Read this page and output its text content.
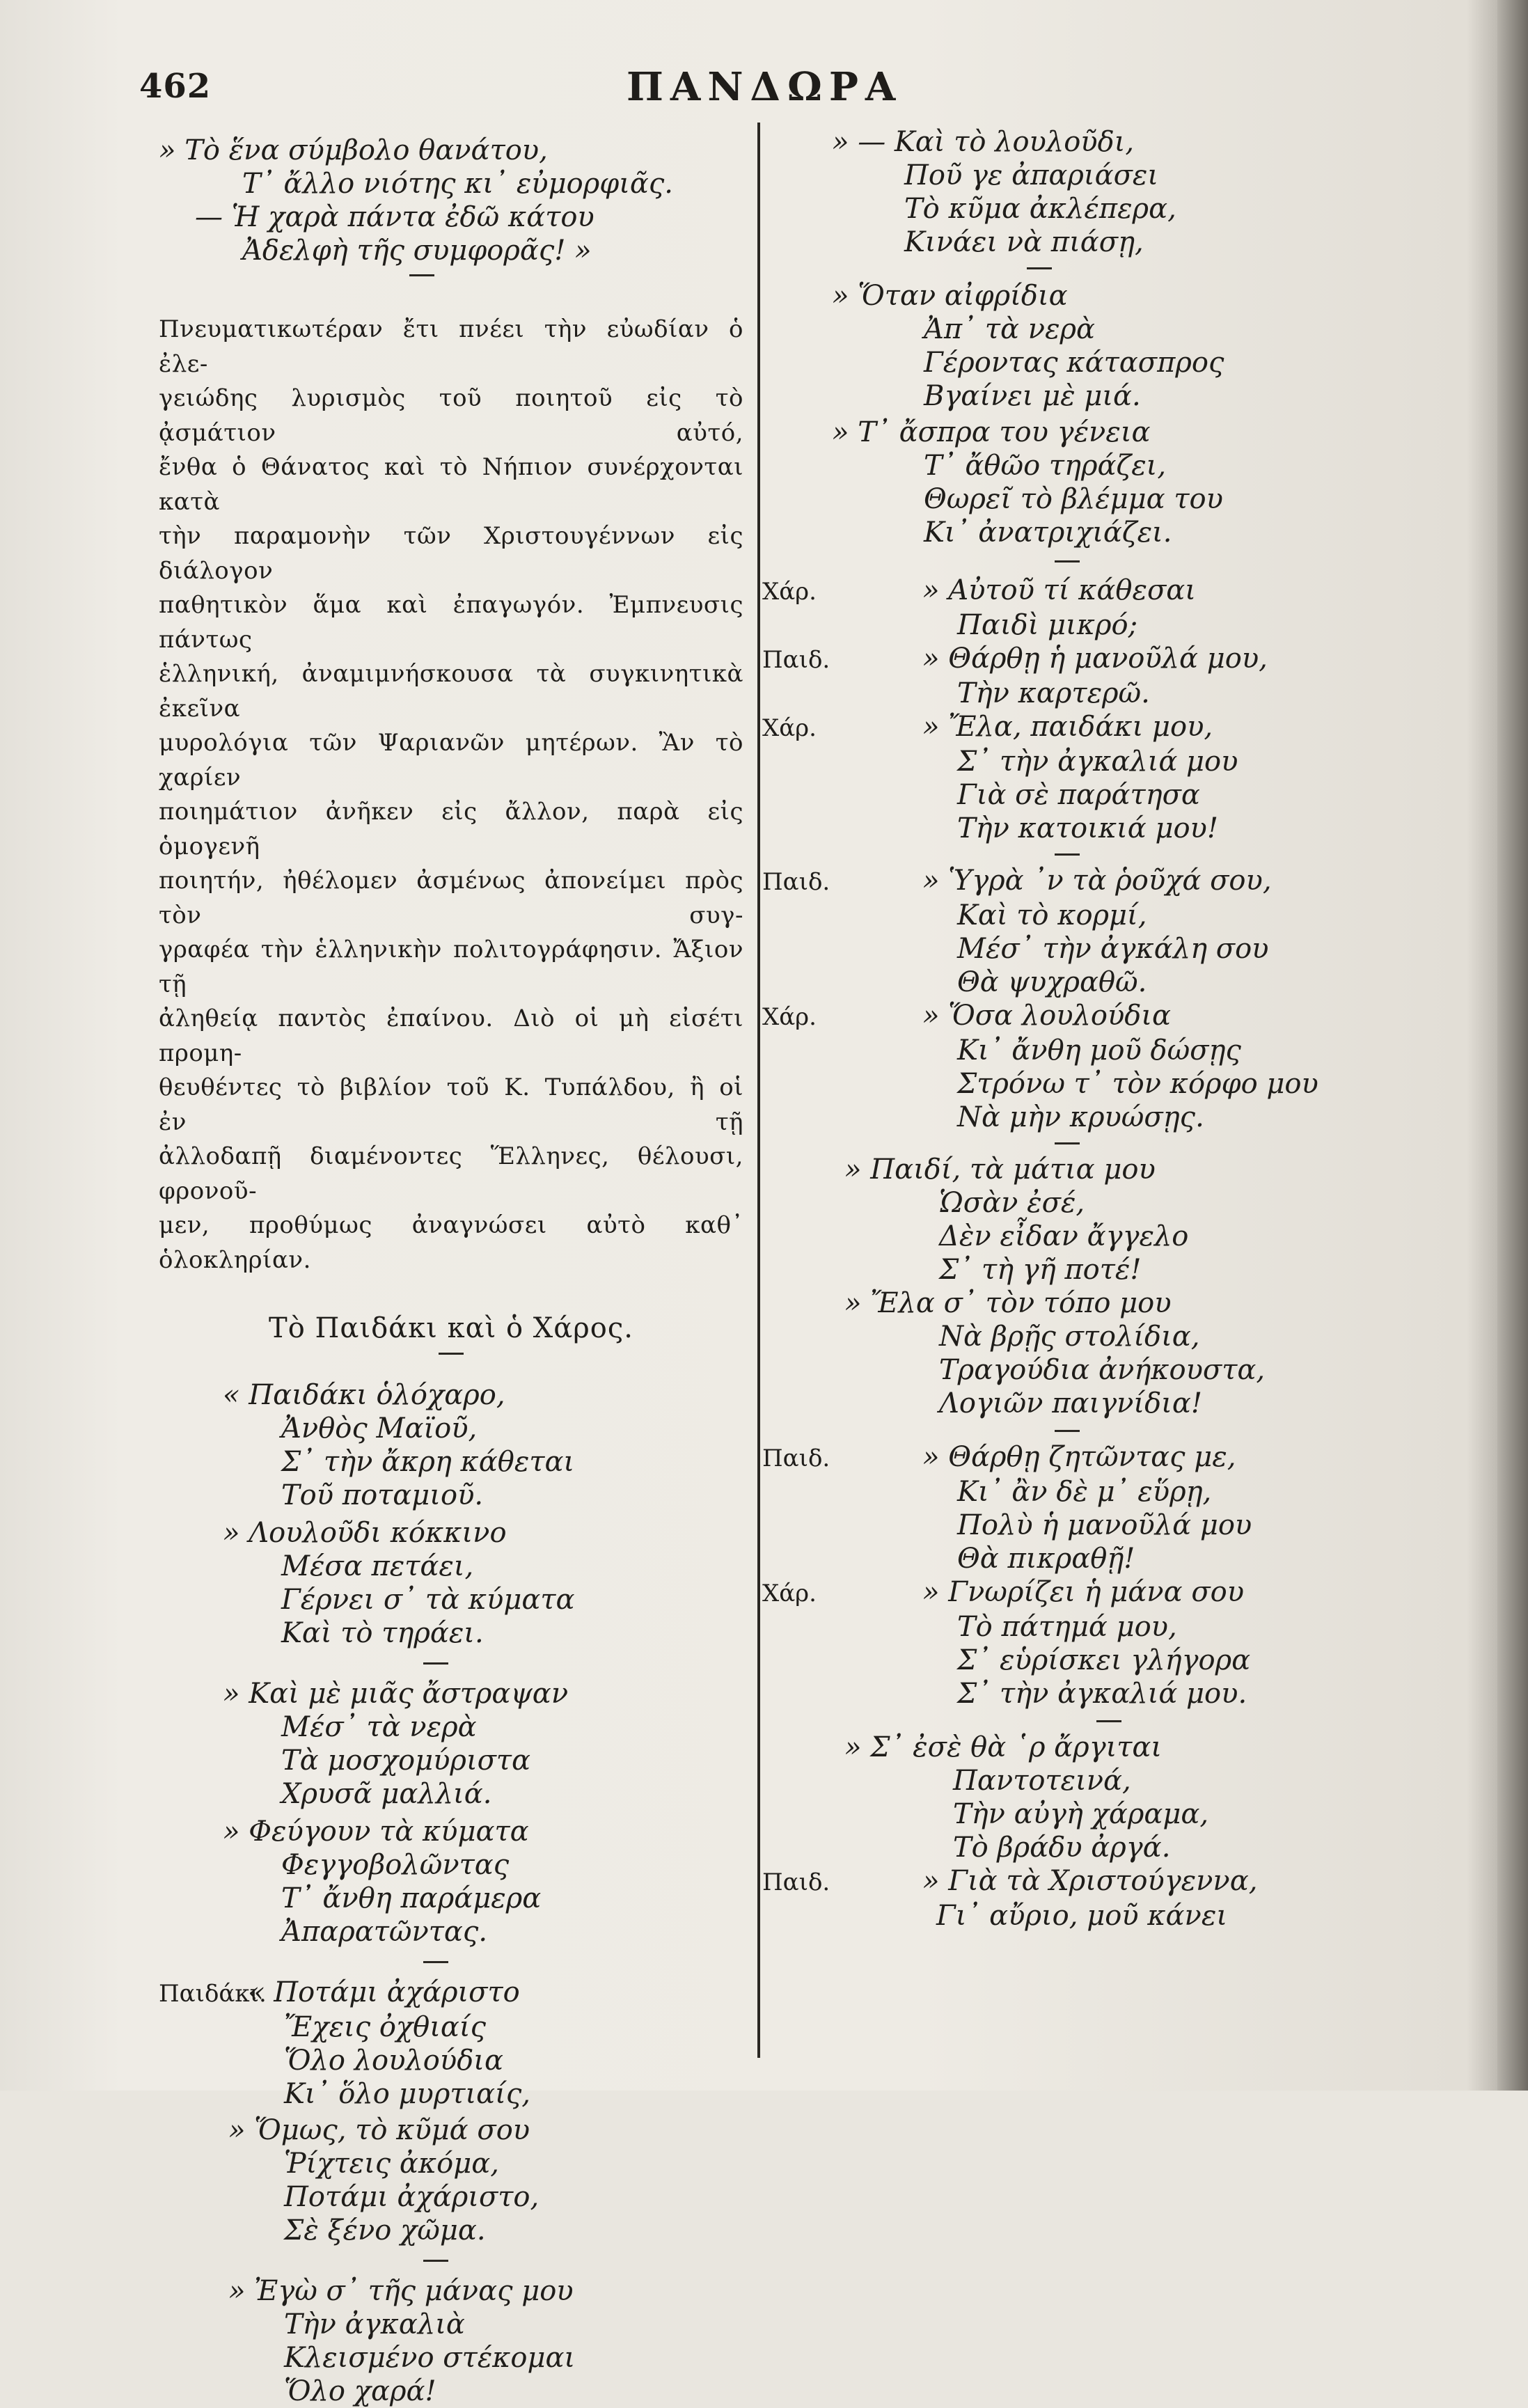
462	ΠΑΝΔΩΡΑ
» Τὸ ἕνα σύμβολο θανάτου,
Τ᾿ ἄλλο νιότης κι᾿ εὐμορφιᾶς.
— Ἡ χαρὰ πάντα ἐδῶ κάτου
Ἀδελφὴ τῆς συμφορᾶς! »
Πνευματικωτέραν ἔτι πνέει τὴν εὐωδίαν ὁ ἐλε-
γειώδης λυρισμὸς τοῦ ποιητοῦ εἰς τὸ ᾀσμάτιον αὐτό,
ἔνθα ὁ Θάνατος καὶ τὸ Νήπιον συνέρχονται κατὰ
τὴν παραμονὴν τῶν Χριστουγέννων εἰς διάλογον
παθητικὸν ἅμα καὶ ἐπαγωγόν. Ἐμπνευσις πάντως
ἑλληνική, ἀναμιμνήσκουσα τὰ συγκινητικὰ ἐκεῖνα
μυρολόγια τῶν Ψαριανῶν μητέρων. Ἂν τὸ χαρίεν
ποιημάτιον ἀνῆκεν εἰς ἄλλον, παρὰ εἰς ὁμογενῆ
ποιητήν, ἠθέλομεν ἀσμένως ἀπονείμει πρὸς τὸν συγ-
γραφέα τὴν ἑλληνικὴν πολιτογράφησιν. Ἄξιον τῇ
ἀληθείᾳ παντὸς ἐπαίνου. Διὸ οἱ μὴ εἰσέτι προμη-
θευθέντες τὸ βιβλίον τοῦ Κ. Τυπάλδου, ἢ οἱ ἐν τῇ
ἀλλοδαπῇ διαμένοντες Ἕλληνες, θέλουσι, φρονοῦ-
μεν, προθύμως ἀναγνώσει αὐτὸ καθ᾿ ὁλοκληρίαν.
Τὸ Παιδάκι καὶ ὁ Χάρος.
« Παιδάκι ὁλόχαρο,
Ἀνθὸς Μαϊοῦ,
Σ᾿ τὴν ἄκρη κάθεται
Τοῦ ποταμιοῦ.
» Λουλοῦδι κόκκινο
Μέσα πετάει,
Γέρνει σ᾿ τὰ κύματα
Καὶ τὸ τηράει.
» Καὶ μὲ μιᾶς ἄστραψαν
Μέσ᾿ τὰ νερὰ
Τὰ μοσχομύριστα
Χρυσᾶ μαλλιά.
» Φεύγουν τὰ κύματα
Φεγγοβολῶντας
Τ᾿ ἄνθη παράμερα
Ἀπαρατῶντας.
Παιδάκι.
« Ποτάμι ἀχάριστο
Ἔχεις ὀχθιαίς
Ὅλο λουλούδια
Κι᾿ ὅλο μυρτιαίς,
» Ὅμως, τὸ κῦμά σου
Ῥίχτεις ἀκόμα,
Ποτάμι ἀχάριστο,
Σὲ ξένο χῶμα.
» Ἐγὼ σ᾿ τῆς μάνας μου
Τὴν ἀγκαλιὰ
Κλεισμένο στέκομαι
Ὅλο χαρά!
» — Καὶ τὸ λουλοῦδι,
Ποῦ γε ἀπαριάσει
Τὸ κῦμα ἀκλέπερα,
Κινάει νὰ πιάσῃ,
» Ὅταν αἰφρίδια
Ἀπ᾿ τὰ νερὰ
Γέροντας κάτασπρος
Βγαίνει μὲ μιά.
» Τ᾿ ἄσπρα του γένεια
Τ᾿ ἄθῶο τηράζει,
Θωρεῖ τὸ βλέμμα του
Κι᾿ ἀνατριχιάζει.
Χάρ.	» Αὐτοῦ τί κάθεσαι
Παιδὶ μικρό;
Παιδ.	» Θάρθῃ ἡ μανοῦλά μου,
Τὴν καρτερῶ.
Χάρ.	» Ἔλα, παιδάκι μου,
Σ᾿ τὴν ἀγκαλιά μου
Γιὰ σὲ παράτησα
Τὴν κατοικιά μου!
Παιδ.	» Ὑγρὰ ᾿ν τὰ ῥοῦχά σου,
Καὶ τὸ κορμί,
Μέσ᾿ τὴν ἀγκάλη σου
Θὰ ψυχραθῶ.
Χάρ.	» Ὅσα λουλούδια
Κι᾿ ἄνθη μοῦ δώσῃς
Στρόνω τ᾿ τὸν κόρφο μου
Νὰ μὴν κρυώσῃς.
» Παιδί, τὰ μάτια μου
Ὡσὰν ἐσέ,
Δὲν εἶδαν ἄγγελο
Σ᾿ τὴ γῆ ποτέ!
» Ἔλα σ᾿ τὸν τόπο μου
Νὰ βρῇς στολίδια,
Τραγούδια ἀνήκουστα,
Λογιῶν παιγνίδια!
Παιδ.	» Θάρθῃ ζητῶντας με,
Κι᾿ ἂν δὲ μ᾿ εὕρῃ,
Πολὺ ἡ μανοῦλά μου
Θὰ πικραθῇ!
Χάρ.	» Γνωρίζει ἡ μάνα σου
Τὸ πάτημά μου,
Σ᾿ εὑρίσκει γλήγορα
Σ᾿ τὴν ἀγκαλιά μου.
» Σ᾿ ἐσὲ θὰ ῾ρ ἄργιται
Παντοτεινά,
Τὴν αὐγὴ χάραμα,
Τὸ βράδυ ἀργά.
Παιδ.	» Γιὰ τὰ Χριστούγεννα,
Γι᾿ αὔριο, μοῦ κάνει
